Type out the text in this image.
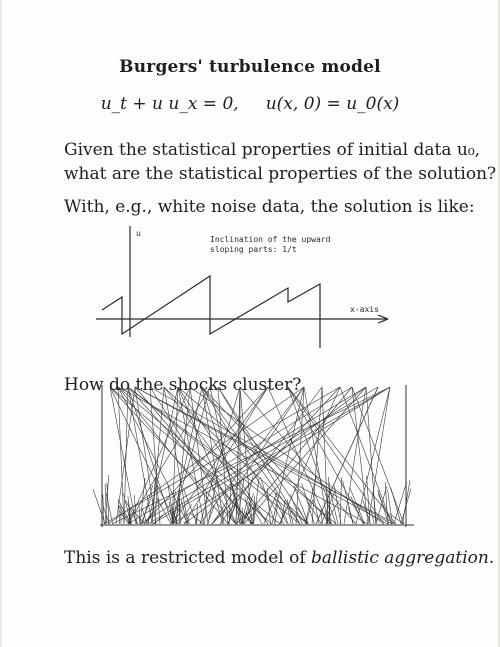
Burgers' turbulence model
u_t + u u_x = 0, u(x, 0) = u_0(x)
Given the statistical properties of initial data u₀,
what are the statistical properties of the solution?
With, e.g., white noise data, the solution is like:
u
x-axis
Inclination of the upward
sloping parts: 1/t
How do the shocks cluster?
This is a restricted model of ballistic aggregation.
